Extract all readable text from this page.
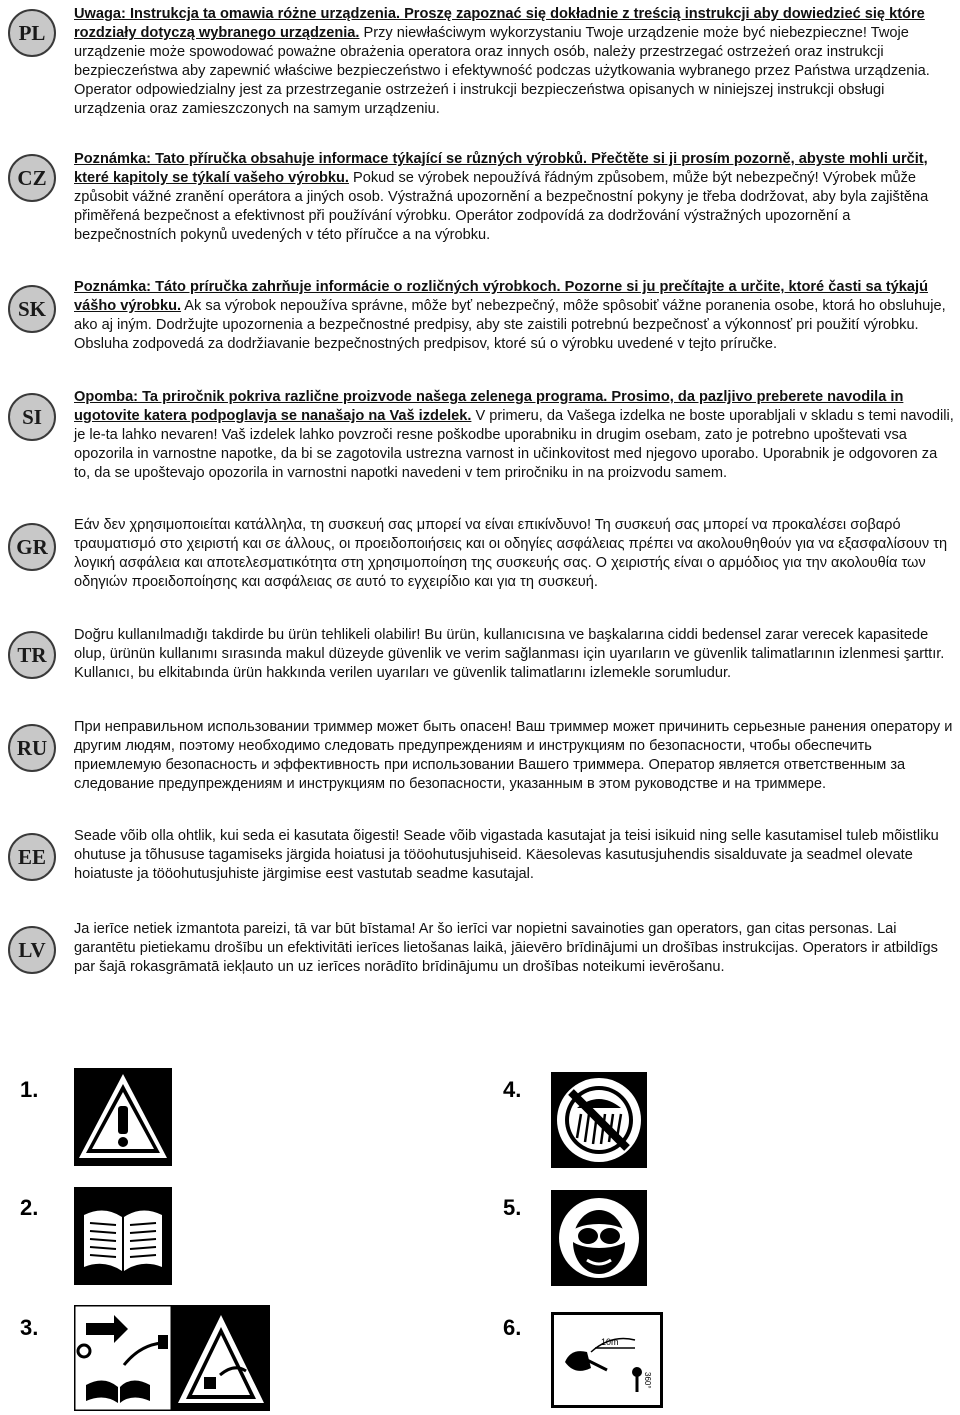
PL
CZ
SK
SI
GR
TR
RU
EE
LV
Uwaga: Instrukcja ta omawia różne urządzenia. Proszę zapoznać się dokładnie z treścią instrukcji aby dowiedzieć się które rozdziały dotyczą wybranego urządzenia. Przy niewłaściwym wykorzystaniu Twoje urządzenie może być niebezpieczne! Twoje urządzenie może spowodować poważne obrażenia operatora oraz innych osób, należy przestrzegać ostrzeżeń oraz instrukcji bezpieczeństwa aby zapewnić właściwe bezpieczeństwo i efektywność podczas użytkowania wybranego przez Państwa urządzenia. Operator odpowiedzialny jest za przestrzeganie ostrzeżeń i instrukcji bezpieczeństwa opisanych w niniejszej instrukcji obsługi urządzenia oraz zamieszczonych na samym urządzeniu.
Poznámka: Tato příručka obsahuje informace týkající se různých výrobků. Přečtěte si ji prosím pozorně, abyste mohli určit, které kapitoly se týkalí vašeho výrobku. Pokud se výrobek nepoužívá řádným způsobem, může být nebezpečný! Výrobek může způsobit vážné zranění operátora a jiných osob. Výstražná upozornění a bezpečnostní pokyny je třeba dodržovat, aby byla zajištěna přiměřená bezpečnost a efektivnost při používání výrobku. Operátor zodpovídá za dodržování výstražných upozornění a bezpečnostních pokynů uvedených v této příručce a na výrobku.
Poznámka: Táto príručka zahrňuje informácie o rozličných výrobkoch. Pozorne si ju prečítajte a určite, ktoré časti sa týkajú vášho výrobku. Ak sa výrobok nepoužíva správne, môže byť nebezpečný, môže spôsobiť vážne poranenia osobe, ktorá ho obsluhuje, ako aj iným. Dodržujte upozornenia a bezpečnostné predpisy, aby ste zaistili potrebnú bezpečnosť a výkonnosť pri použití výrobku. Obsluha zodpovedá za dodržiavanie bezpečnostných predpisov, ktoré sú o výrobku uvedené v tejto príručke.
Opomba: Ta priročnik pokriva različne proizvode našega zelenega programa. Prosimo, da pazljivo preberete navodila in ugotovite katera podpoglavja se nanašajo na Vaš izdelek. V primeru, da Vašega izdelka ne boste uporabljali v skladu s temi navodili, je le-ta lahko nevaren! Vaš izdelek lahko povzroči resne poškodbe uporabniku in drugim osebam, zato je potrebno upoštevati vsa opozorila in varnostne napotke, da bi se zagotovila ustrezna varnost in učinkovitost med njegovo uporabo. Uporabnik je odgovoren za to, da se upoštevajo opozorila in varnostni napotki navedeni v tem priročniku in na proizvodu samem.
Εάν δεν χρησιμοποιείται κατάλληλα, τη συσκευή σας μπορεί να είναι επικίνδυνο! Τη συσκευή σας μπορεί να προκαλέσει σοβαρό τραυματισμό στο χειριστή και σε άλλους, οι προειδοποιήσεις και οι οδηγίες ασφάλειας πρέπει να ακολουθηθούν για να εξασφαλίσουν τη λογική ασφάλεια και αποτελεσματικότητα στη χρησιμοποίηση της συσκευής σας. Ο χειριστής είναι ο αρμόδιος για την ακολουθία των οδηγιών προειδοποίησης και ασφάλειας σε αυτό το εγχειρίδιο και για τη συσκευή.
Doğru kullanılmadığı takdirde bu ürün tehlikeli olabilir! Bu ürün, kullanıcısına ve başkalarına ciddi bedensel zarar verecek kapasitede olup, ürünün kullanımı sırasında makul düzeyde güvenlik ve verim sağlanması için uyarıların ve güvenlik talimatlarının izlenmesi şarttır. Kullanıcı, bu elkitabında ürün hakkında verilen uyarıları ve güvenlik talimatlarını izlemekle sorumludur.
При неправильном использовании триммер может быть опасен! Ваш триммер может причинить серьезные ранения оператору и другим людям, поэтому необходимо следовать предупреждениям и инструкциям по безопасности, чтобы обеспечить приемлемую безопасность и эффективность при использовании Вашего триммера. Оператор является ответственным за следование предупреждениям и инструкциям по безопасности, указанным в этом руководстве и на триммере.
Seade võib olla ohtlik, kui seda ei kasutata õigesti! Seade võib vigastada kasutajat ja teisi isikuid ning selle kasutamisel tuleb mõistliku ohutuse ja tõhususe tagamiseks järgida hoiatusi ja tööohutusjuhiseid. Käesolevas kasutusjuhendis sisalduvate ja seadmel olevate hoiatuste ja tööohutusjuhiste järgimise eest vastutab seadme kasutajal.
Ja ierīce netiek izmantota pareizi, tā var būt bīstama! Ar šo ierīci var nopietni savainoties gan operators, gan citas personas. Lai garantētu pietiekamu drošību un efektivitāti ierīces lietošanas laikā, jāievēro brīdinājumi un drošības instrukcijas. Operators ir atbildīgs par šajā rokasgrāmatā iekļauto un uz ierīces norādīto brīdinājumu un drošības noteikumi ievērošanu.
1.
2.
3.
4.
5.
6.
10m
360°
